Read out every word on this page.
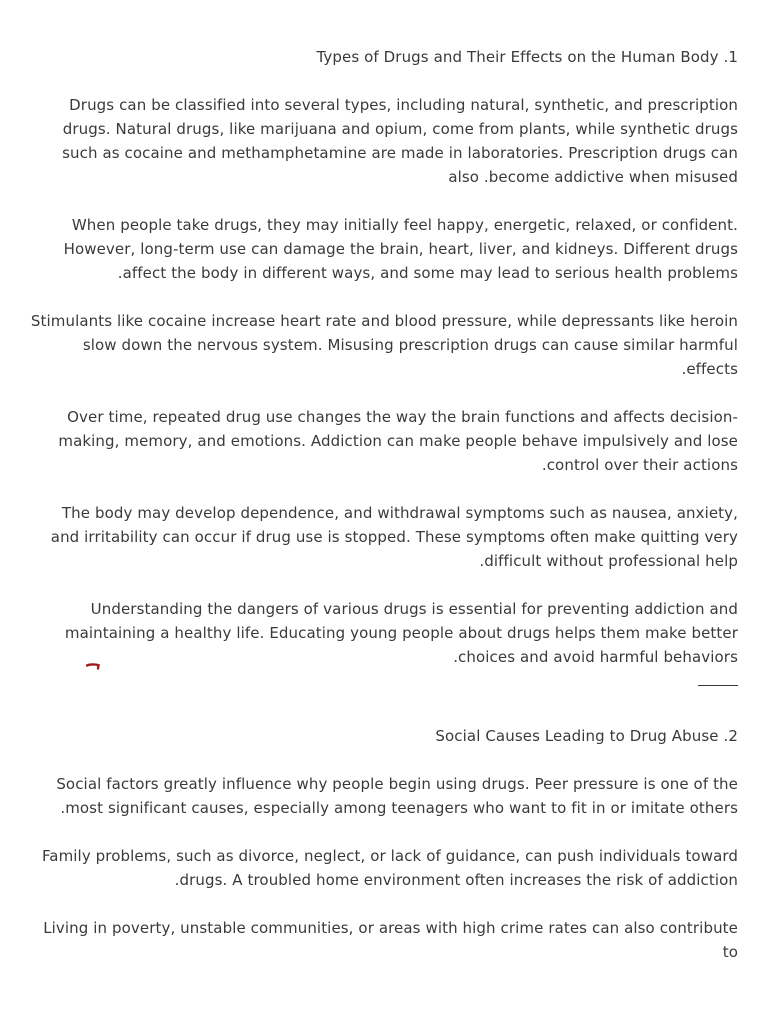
Types of Drugs and Their Effects on the Human Body .1
Drugs can be classified into several types, including natural, synthetic, and prescription drugs. Natural drugs, like marijuana and opium, come from plants, while synthetic drugs such as cocaine and methamphetamine are made in laboratories. Prescription drugs can also .become addictive when misused
When people take drugs, they may initially feel happy, energetic, relaxed, or confident. However, long-term use can damage the brain, heart, liver, and kidneys. Different drugs .affect the body in different ways, and some may lead to serious health problems
Stimulants like cocaine increase heart rate and blood pressure, while depressants like heroin slow down the nervous system. Misusing prescription drugs can cause similar harmful .effects
Over time, repeated drug use changes the way the brain functions and affects decision-making, memory, and emotions. Addiction can make people behave impulsively and lose .control over their actions
The body may develop dependence, and withdrawal symptoms such as nausea, anxiety, and irritability can occur if drug use is stopped. These symptoms often make quitting very .difficult without professional help
Understanding the dangers of various drugs is essential for preventing addiction and maintaining a healthy life. Educating young people about drugs helps them make better .choices and avoid harmful behaviors
Social Causes Leading to Drug Abuse .2
Social factors greatly influence why people begin using drugs. Peer pressure is one of the .most significant causes, especially among teenagers who want to fit in or imitate others
Family problems, such as divorce, neglect, or lack of guidance, can push individuals toward .drugs. A troubled home environment often increases the risk of addiction
Living in poverty, unstable communities, or areas with high crime rates can also contribute to
